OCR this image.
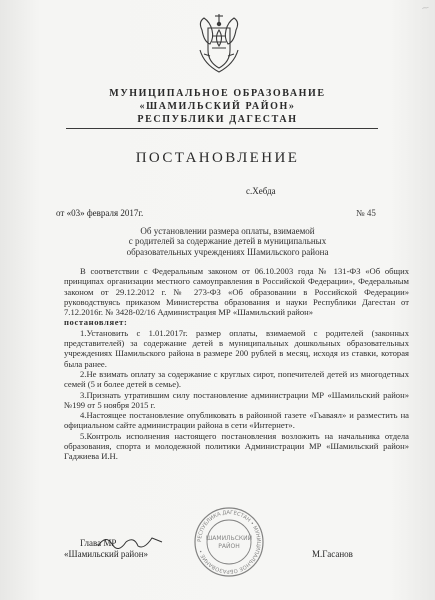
⁓
МУНИЦИПАЛЬНОЕ ОБРАЗОВАНИЕ
«ШАМИЛЬСКИЙ РАЙОН»
РЕСПУБЛИКИ ДАГЕСТАН
ПОСТАНОВЛЕНИЕ
с.Хебда
от «03» февраля 2017г.	№ 45
Об установлении размера оплаты, взимаемой
с родителей за содержание детей в муниципальных
образовательных учреждениях Шамильского района

В соответствии с Федеральным законом от 06.10.2003 года № 131-ФЗ «Об общих принципах организации местного самоуправления в Российской Федерации», Федеральным законом от 29.12.2012 г. № 273-ФЗ «Об образовании в Российской Федерации» руководствуясь приказом Министерства образования и науки Республики Дагестан от 7.12.2016г. № 3428-02/16 Администрация МР «Шамильский район»

постановляет:

1.Установить с 1.01.2017г. размер оплаты, взимаемой с родителей (законных представителей) за содержание детей в муниципальных дошкольных образовательных учреждениях Шамильского района в размере 200 рублей в месяц, исходя из ставки, которая была ранее.

2.Не взимать оплату за содержание с круглых сирот, попечителей детей из многодетных семей (5 и более детей в семье).

3.Признать утратившим силу постановление администрации МР «Шамильский район» №199 от 5 ноября 2015 г.

4.Настоящее постановление опубликовать в районной газете «Гьаваял» и разместить на официальном сайте администрации района в сети «Интернет».

5.Контроль исполнения настоящего постановления возложить на начальника отдела образования, спорта и молодежной политики Администрации МР «Шамильский район» Гаджиева И.Н.

РЕСПУБЛИКА ДАГЕСТАН • МУНИЦИПАЛЬНОЕ ОБРАЗОВАНИЕ •
ШАМИЛЬСКИЙ
РАЙОН
Глава МР
«Шамильский район»	М.Гасанов
